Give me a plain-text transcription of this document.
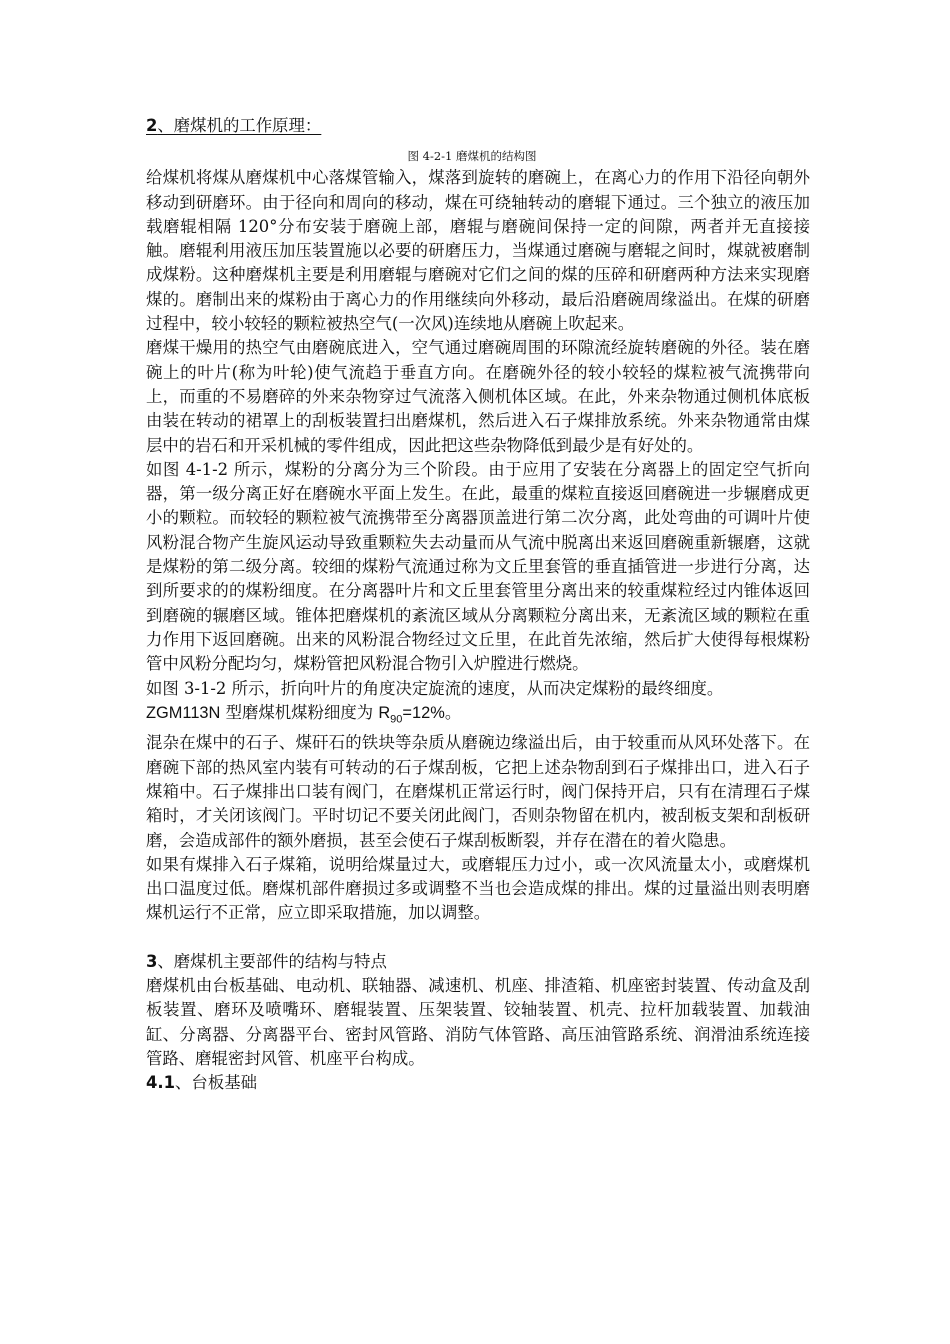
2、磨煤机的工作原理：
图 4-2-1 磨煤机的结构图

给煤机将煤从磨煤机中心落煤管输入，煤落到旋转的磨碗上，在离心力的作用下沿径向朝外移动到研磨环。由于径向和周向的移动，煤在可绕轴转动的磨辊下通过。三个独立的液压加载磨辊相隔 120°分布安装于磨碗上部，磨辊与磨碗间保持一定的间隙，两者并无直接接触。磨辊利用液压加压装置施以必要的研磨压力，当煤通过磨碗与磨辊之间时，煤就被磨制成煤粉。这种磨煤机主要是利用磨辊与磨碗对它们之间的煤的压碎和研磨两种方法来实现磨煤的。磨制出来的煤粉由于离心力的作用继续向外移动，最后沿磨碗周缘溢出。在煤的研磨过程中，较小较轻的颗粒被热空气(一次风)连续地从磨碗上吹起来。

磨煤干燥用的热空气由磨碗底进入，空气通过磨碗周围的环隙流经旋转磨碗的外径。装在磨碗上的叶片(称为叶轮)使气流趋于垂直方向。在磨碗外径的较小较轻的煤粒被气流携带向上，而重的不易磨碎的外来杂物穿过气流落入侧机体区域。在此，外来杂物通过侧机体底板由装在转动的裙罩上的刮板装置扫出磨煤机，然后进入石子煤排放系统。外来杂物通常由煤层中的岩石和开采机械的零件组成，因此把这些杂物降低到最少是有好处的。

如图 4-1-2 所示，煤粉的分离分为三个阶段。由于应用了安装在分离器上的固定空气折向器，第一级分离正好在磨碗水平面上发生。在此，最重的煤粒直接返回磨碗进一步辗磨成更小的颗粒。而较轻的颗粒被气流携带至分离器顶盖进行第二次分离，此处弯曲的可调叶片使风粉混合物产生旋风运动导致重颗粒失去动量而从气流中脱离出来返回磨碗重新辗磨，这就是煤粉的第二级分离。较细的煤粉气流通过称为文丘里套管的垂直插管进一步进行分离，达到所要求的的煤粉细度。在分离器叶片和文丘里套管里分离出来的较重煤粒经过内锥体返回到磨碗的辗磨区域。锥体把磨煤机的紊流区域从分离颗粒分离出来，无紊流区域的颗粒在重力作用下返回磨碗。出来的风粉混合物经过文丘里，在此首先浓缩，然后扩大使得每根煤粉管中风粉分配均匀，煤粉管把风粉混合物引入炉膛进行燃烧。

如图 3-1-2 所示，折向叶片的角度决定旋流的速度，从而决定煤粉的最终细度。

ZGM113N 型磨煤机煤粉细度为 $R_{90}=12\%$。

混杂在煤中的石子、煤矸石的铁块等杂质从磨碗边缘溢出后，由于较重而从风环处落下。在磨碗下部的热风室内装有可转动的石子煤刮板，它把上述杂物刮到石子煤排出口，进入石子煤箱中。石子煤排出口装有阀门，在磨煤机正常运行时，阀门保持开启，只有在清理石子煤箱时，才关闭该阀门。平时切记不要关闭此阀门，否则杂物留在机内，被刮板支架和刮板研磨，会造成部件的额外磨损，甚至会使石子煤刮板断裂，并存在潜在的着火隐患。

如果有煤排入石子煤箱，说明给煤量过大，或磨辊压力过小，或一次风流量太小，或磨煤机出口温度过低。磨煤机部件磨损过多或调整不当也会造成煤的排出。煤的过量溢出则表明磨煤机运行不正常，应立即采取措施，加以调整。

3、磨煤机主要部件的结构与特点

磨煤机由台板基础、电动机、联轴器、减速机、机座、排渣箱、机座密封装置、传动盒及刮板装置、磨环及喷嘴环、磨辊装置、压架装置、铰轴装置、机壳、拉杆加载装置、加载油缸、分离器、分离器平台、密封风管路、消防气体管路、高压油管路系统、润滑油系统连接管路、磨辊密封风管、机座平台构成。

4.1、台板基础
